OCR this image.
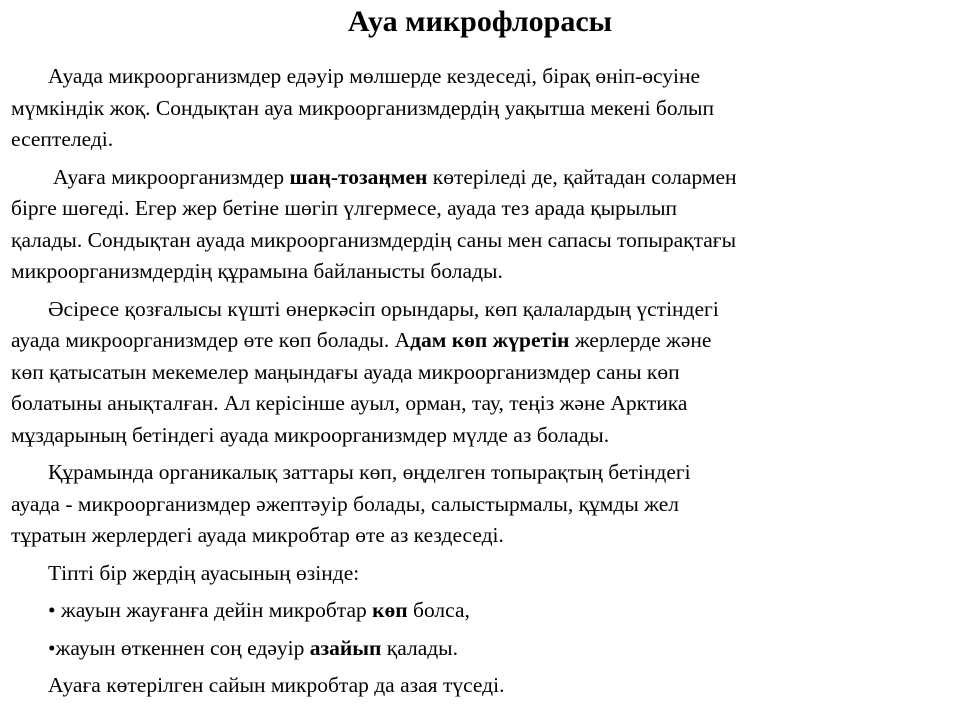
Ауа микрофлорасы
Ауада микроорганизмдер едәуір мөлшерде кездеседі, бірақ өніп-өсуіне
мүмкіндік жоқ. Сондықтан ауа микроорганизмдердің уақытша мекені болып
есептеледі.
Ауаға микроорганизмдер шаң-тозаңмен көтеріледі де, қайтадан солармен
бірге шөгеді. Егер жер бетіне шөгіп үлгермесе, ауада тез арада қырылып
қалады. Сондықтан ауада микроорганизмдердің саны мен сапасы топырақтағы
микроорганизмдердің құрамына байланысты болады.
Әсіресе қозғалысы күшті өнеркәсіп орындары, көп қалалардың үстіндегі
ауада микроорганизмдер өте көп болады. Адам көп жүретін жерлерде және
көп қатысатын мекемелер маңындағы ауада микроорганизмдер саны көп
болатыны анықталған. Ал керісінше ауыл, орман, тау, теңіз және Арктика
мұздарының бетіндегі ауада микроорганизмдер мүлде аз болады.
Құрамында органикалық заттары көп, өңделген топырақтың бетіндегі
ауада - микроорганизмдер әжептәуір болады, салыстырмалы, құмды жел
тұратын жерлердегі ауада микробтар өте аз кездеседі.
Тіпті бір жердің ауасының өзінде:
• жауын жауғанға дейін микробтар көп болса,
•жауын өткеннен соң едәуір азайып қалады.
Ауаға көтерілген сайын микробтар да азая түседі.
